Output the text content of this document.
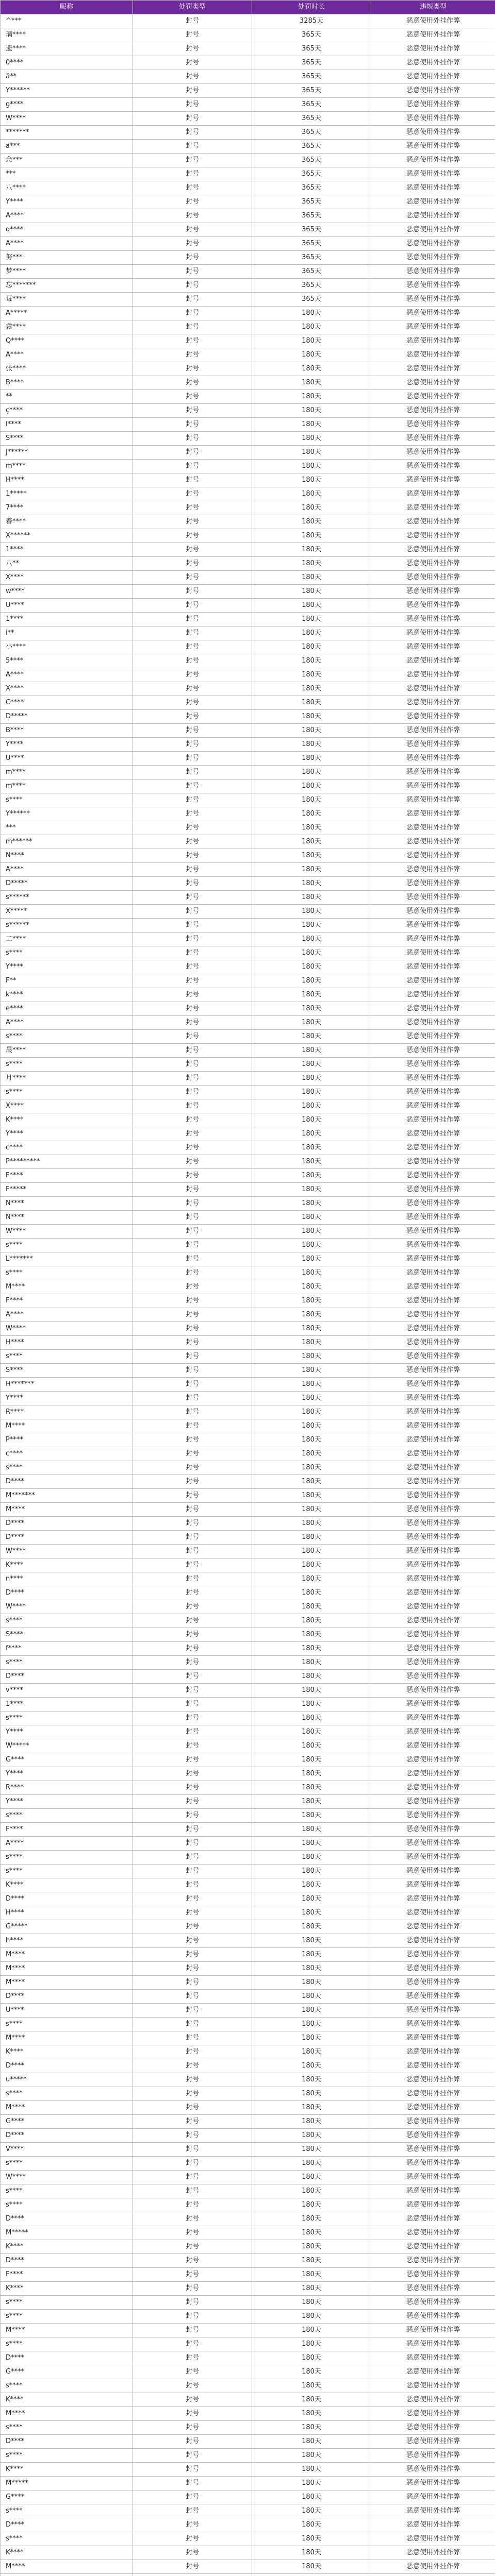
昵称	处罚类型	处罚时长	违规类型
^***	封号	3285天	恶意使用外挂作弊
璃****	封号	365天	恶意使用外挂作弊
遗****	封号	365天	恶意使用外挂作弊
0****	封号	365天	恶意使用外挂作弊
ä**	封号	365天	恶意使用外挂作弊
Y******	封号	365天	恶意使用外挂作弊
g****	封号	365天	恶意使用外挂作弊
W****	封号	365天	恶意使用外挂作弊
*******	封号	365天	恶意使用外挂作弊
ä***	封号	365天	恶意使用外挂作弊
念***	封号	365天	恶意使用外挂作弊
***	封号	365天	恶意使用外挂作弊
八****	封号	365天	恶意使用外挂作弊
Y****	封号	365天	恶意使用外挂作弊
A****	封号	365天	恶意使用外挂作弊
q****	封号	365天	恶意使用外挂作弊
A****	封号	365天	恶意使用外挂作弊
努***	封号	365天	恶意使用外挂作弊
梦****	封号	365天	恶意使用外挂作弊
忘*******	封号	365天	恶意使用外挂作弊
莓****	封号	365天	恶意使用外挂作弊
A*****	封号	180天	恶意使用外挂作弊
鑫****	封号	180天	恶意使用外挂作弊
Q****	封号	180天	恶意使用外挂作弊
A****	封号	180天	恶意使用外挂作弊
张****	封号	180天	恶意使用外挂作弊
B****	封号	180天	恶意使用外挂作弊
**	封号	180天	恶意使用外挂作弊
ç****	封号	180天	恶意使用外挂作弊
Ⅰ****	封号	180天	恶意使用外挂作弊
S****	封号	180天	恶意使用外挂作弊
J******	封号	180天	恶意使用外挂作弊
m****	封号	180天	恶意使用外挂作弊
H****	封号	180天	恶意使用外挂作弊
1*****	封号	180天	恶意使用外挂作弊
7****	封号	180天	恶意使用外挂作弊
春****	封号	180天	恶意使用外挂作弊
X******	封号	180天	恶意使用外挂作弊
1****	封号	180天	恶意使用外挂作弊
八**	封号	180天	恶意使用外挂作弊
X****	封号	180天	恶意使用外挂作弊
w****	封号	180天	恶意使用外挂作弊
U****	封号	180天	恶意使用外挂作弊
1****	封号	180天	恶意使用外挂作弊
i**	封号	180天	恶意使用外挂作弊
小****	封号	180天	恶意使用外挂作弊
5****	封号	180天	恶意使用外挂作弊
A****	封号	180天	恶意使用外挂作弊
X****	封号	180天	恶意使用外挂作弊
C****	封号	180天	恶意使用外挂作弊
D*****	封号	180天	恶意使用外挂作弊
B****	封号	180天	恶意使用外挂作弊
Y****	封号	180天	恶意使用外挂作弊
U****	封号	180天	恶意使用外挂作弊
m****	封号	180天	恶意使用外挂作弊
m****	封号	180天	恶意使用外挂作弊
s****	封号	180天	恶意使用外挂作弊
Y******	封号	180天	恶意使用外挂作弊
***	封号	180天	恶意使用外挂作弊
m******	封号	180天	恶意使用外挂作弊
N****	封号	180天	恶意使用外挂作弊
A****	封号	180天	恶意使用外挂作弊
D*****	封号	180天	恶意使用外挂作弊
s******	封号	180天	恶意使用外挂作弊
X*****	封号	180天	恶意使用外挂作弊
s******	封号	180天	恶意使用外挂作弊
二****	封号	180天	恶意使用外挂作弊
s****	封号	180天	恶意使用外挂作弊
Y****	封号	180天	恶意使用外挂作弊
F**	封号	180天	恶意使用外挂作弊
k****	封号	180天	恶意使用外挂作弊
e****	封号	180天	恶意使用外挂作弊
A****	封号	180天	恶意使用外挂作弊
s****	封号	180天	恶意使用外挂作弊
晨****	封号	180天	恶意使用外挂作弊
s****	封号	180天	恶意使用外挂作弊
月****	封号	180天	恶意使用外挂作弊
s****	封号	180天	恶意使用外挂作弊
X****	封号	180天	恶意使用外挂作弊
K****	封号	180天	恶意使用外挂作弊
Y****	封号	180天	恶意使用外挂作弊
c****	封号	180天	恶意使用外挂作弊
P*********	封号	180天	恶意使用外挂作弊
F****	封号	180天	恶意使用外挂作弊
F*****	封号	180天	恶意使用外挂作弊
N****	封号	180天	恶意使用外挂作弊
N****	封号	180天	恶意使用外挂作弊
W****	封号	180天	恶意使用外挂作弊
s****	封号	180天	恶意使用外挂作弊
L*******	封号	180天	恶意使用外挂作弊
s****	封号	180天	恶意使用外挂作弊
M****	封号	180天	恶意使用外挂作弊
F****	封号	180天	恶意使用外挂作弊
A****	封号	180天	恶意使用外挂作弊
W****	封号	180天	恶意使用外挂作弊
H****	封号	180天	恶意使用外挂作弊
s****	封号	180天	恶意使用外挂作弊
S****	封号	180天	恶意使用外挂作弊
H*******	封号	180天	恶意使用外挂作弊
Y****	封号	180天	恶意使用外挂作弊
R****	封号	180天	恶意使用外挂作弊
M****	封号	180天	恶意使用外挂作弊
P****	封号	180天	恶意使用外挂作弊
c****	封号	180天	恶意使用外挂作弊
s****	封号	180天	恶意使用外挂作弊
D****	封号	180天	恶意使用外挂作弊
M*******	封号	180天	恶意使用外挂作弊
M****	封号	180天	恶意使用外挂作弊
D****	封号	180天	恶意使用外挂作弊
D****	封号	180天	恶意使用外挂作弊
W****	封号	180天	恶意使用外挂作弊
K****	封号	180天	恶意使用外挂作弊
n****	封号	180天	恶意使用外挂作弊
D****	封号	180天	恶意使用外挂作弊
W****	封号	180天	恶意使用外挂作弊
s****	封号	180天	恶意使用外挂作弊
S****	封号	180天	恶意使用外挂作弊
f****	封号	180天	恶意使用外挂作弊
s****	封号	180天	恶意使用外挂作弊
D****	封号	180天	恶意使用外挂作弊
v****	封号	180天	恶意使用外挂作弊
1****	封号	180天	恶意使用外挂作弊
s****	封号	180天	恶意使用外挂作弊
Y****	封号	180天	恶意使用外挂作弊
W*****	封号	180天	恶意使用外挂作弊
G****	封号	180天	恶意使用外挂作弊
Y****	封号	180天	恶意使用外挂作弊
R****	封号	180天	恶意使用外挂作弊
Y****	封号	180天	恶意使用外挂作弊
s****	封号	180天	恶意使用外挂作弊
F****	封号	180天	恶意使用外挂作弊
A****	封号	180天	恶意使用外挂作弊
s****	封号	180天	恶意使用外挂作弊
s****	封号	180天	恶意使用外挂作弊
K****	封号	180天	恶意使用外挂作弊
D****	封号	180天	恶意使用外挂作弊
H****	封号	180天	恶意使用外挂作弊
G*****	封号	180天	恶意使用外挂作弊
h****	封号	180天	恶意使用外挂作弊
M****	封号	180天	恶意使用外挂作弊
M****	封号	180天	恶意使用外挂作弊
M****	封号	180天	恶意使用外挂作弊
D****	封号	180天	恶意使用外挂作弊
U****	封号	180天	恶意使用外挂作弊
s****	封号	180天	恶意使用外挂作弊
M****	封号	180天	恶意使用外挂作弊
K****	封号	180天	恶意使用外挂作弊
D****	封号	180天	恶意使用外挂作弊
u*****	封号	180天	恶意使用外挂作弊
s****	封号	180天	恶意使用外挂作弊
M****	封号	180天	恶意使用外挂作弊
G****	封号	180天	恶意使用外挂作弊
D****	封号	180天	恶意使用外挂作弊
V****	封号	180天	恶意使用外挂作弊
s****	封号	180天	恶意使用外挂作弊
W****	封号	180天	恶意使用外挂作弊
s****	封号	180天	恶意使用外挂作弊
s****	封号	180天	恶意使用外挂作弊
D****	封号	180天	恶意使用外挂作弊
M*****	封号	180天	恶意使用外挂作弊
K****	封号	180天	恶意使用外挂作弊
D****	封号	180天	恶意使用外挂作弊
F****	封号	180天	恶意使用外挂作弊
K****	封号	180天	恶意使用外挂作弊
s****	封号	180天	恶意使用外挂作弊
s****	封号	180天	恶意使用外挂作弊
M****	封号	180天	恶意使用外挂作弊
s****	封号	180天	恶意使用外挂作弊
D****	封号	180天	恶意使用外挂作弊
G****	封号	180天	恶意使用外挂作弊
s****	封号	180天	恶意使用外挂作弊
K****	封号	180天	恶意使用外挂作弊
M****	封号	180天	恶意使用外挂作弊
s****	封号	180天	恶意使用外挂作弊
D****	封号	180天	恶意使用外挂作弊
s****	封号	180天	恶意使用外挂作弊
K****	封号	180天	恶意使用外挂作弊
M*****	封号	180天	恶意使用外挂作弊
G****	封号	180天	恶意使用外挂作弊
s****	封号	180天	恶意使用外挂作弊
D****	封号	180天	恶意使用外挂作弊
s****	封号	180天	恶意使用外挂作弊
K****	封号	180天	恶意使用外挂作弊
M****	封号	180天	恶意使用外挂作弊
